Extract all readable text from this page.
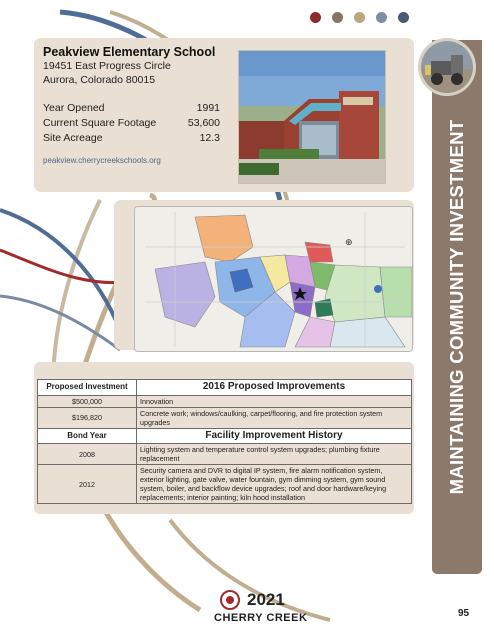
Peakview Elementary School
19451 East Progress Circle
Aurora, Colorado 80015
Year Opened	1991
Current Square Footage	53,600
Site Acreage	12.3
peakview.cherrycreekschools.org
⊕
Proposed Investment	2016 Proposed Improvements
$500,000	Innovation
$196,820	Concrete work; windows/caulking, carpet/flooring, and fire protection system upgrades
Bond Year	Facility Improvement History
2008	Lighting system and temperature control system upgrades; plumbing fixture replacement
2012	Security camera and DVR to digital IP system, fire alarm notification system, exterior lighting, gate valve, water fountain, gym dimming system, gym sound system, boiler, and backflow device upgrades; roof and door hardware/keying replacements; interior painting; kiln hood installation
MAINTAINING COMMUNITY INVESTMENT
2021
CHERRY CREEK	95
